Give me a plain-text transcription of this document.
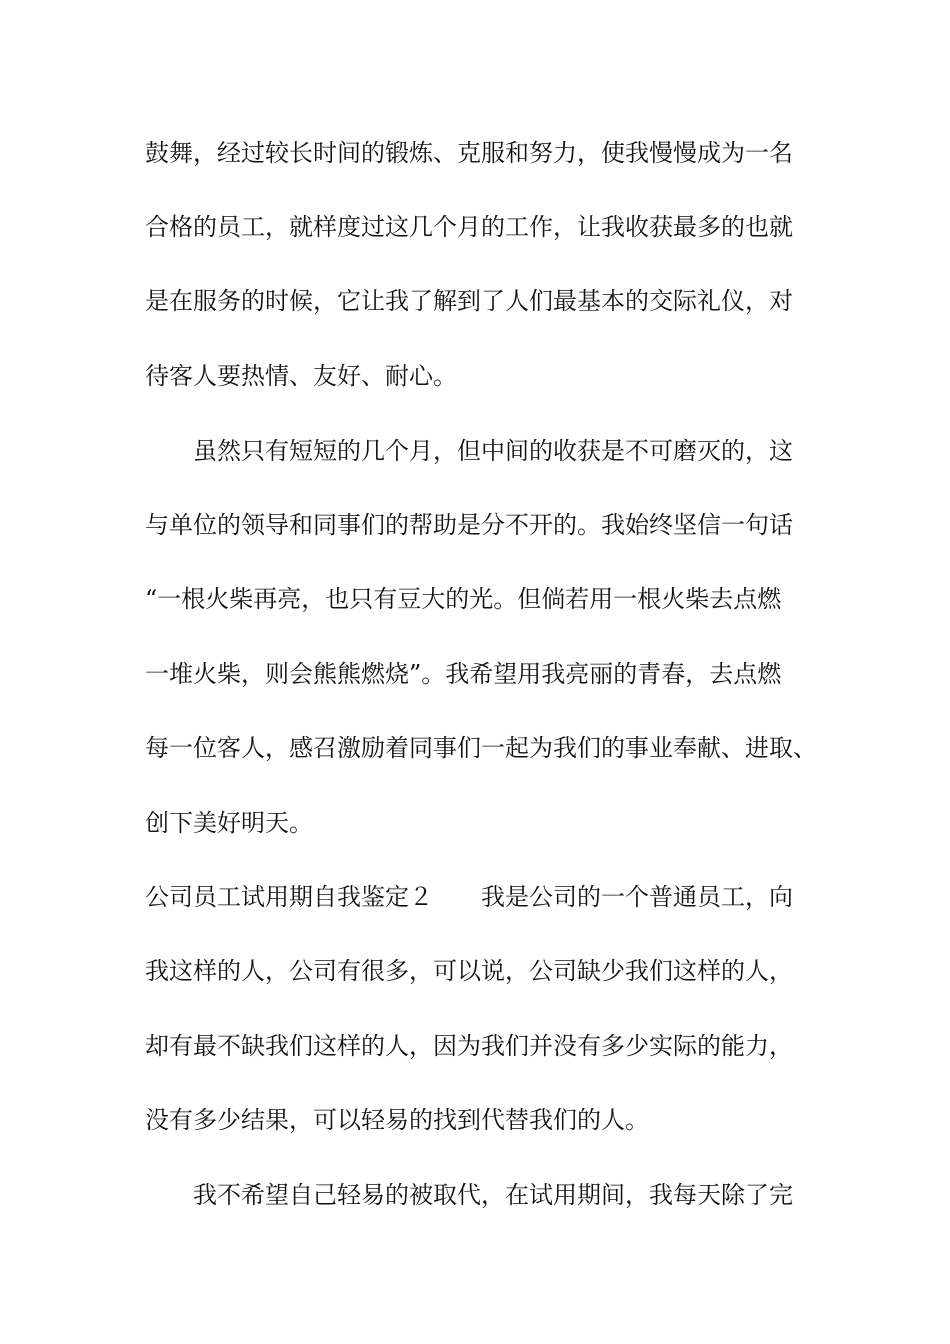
鼓舞，经过较长时间的锻炼、克服和努力，使我慢慢成为一名
合格的员工，就样度过这几个月的工作，让我收获最多的也就
是在服务的时候，它让我了解到了人们最基本的交际礼仪，对
待客人要热情、友好、耐心。
虽然只有短短的几个月，但中间的收获是不可磨灭的，这
与单位的领导和同事们的帮助是分不开的。我始终坚信一句话
“一根火柴再亮，也只有豆大的光。但倘若用一根火柴去点燃
一堆火柴，则会熊熊燃烧”。我希望用我亮丽的青春，去点燃
每一位客人，感召激励着同事们一起为我们的事业奉献、进取、
创下美好明天。
公司员工试用期自我鉴定２ 我是公司的一个普通员工，向
我这样的人，公司有很多，可以说，公司缺少我们这样的人，
却有最不缺我们这样的人，因为我们并没有多少实际的能力，
没有多少结果，可以轻易的找到代替我们的人。
我不希望自己轻易的被取代，在试用期间，我每天除了完
